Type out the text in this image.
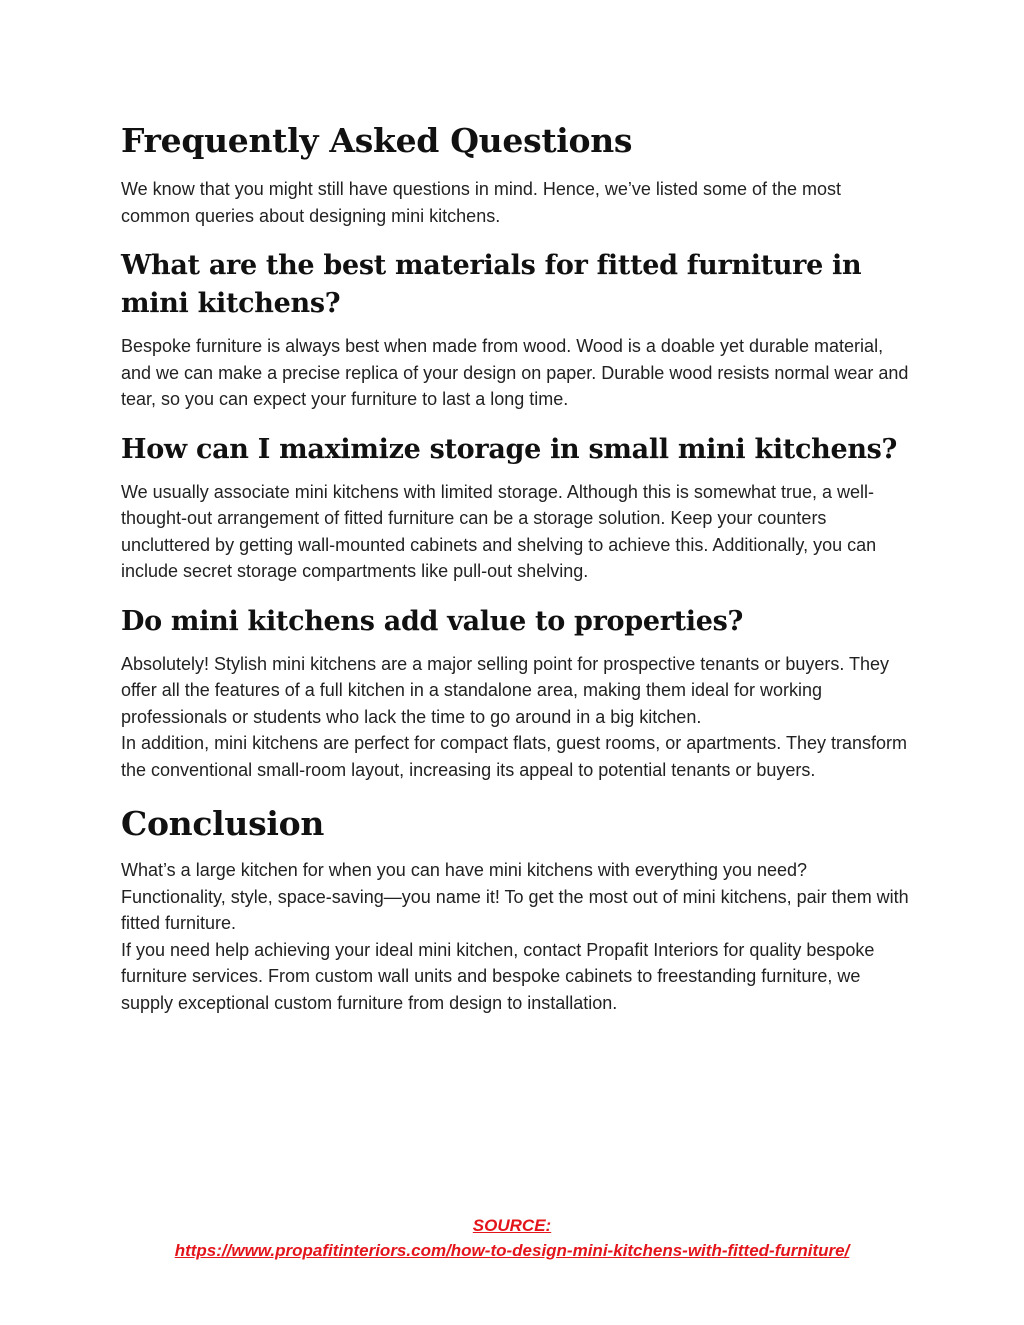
Frequently Asked Questions

We know that you might still have questions in mind. Hence, we’ve listed some of the most common queries about designing mini kitchens.

What are the best materials for fitted furniture in mini kitchens?

Bespoke furniture is always best when made from wood. Wood is a doable yet durable material, and we can make a precise replica of your design on paper. Durable wood resists normal wear and tear, so you can expect your furniture to last a long time.

How can I maximize storage in small mini kitchens?

We usually associate mini kitchens with limited storage. Although this is somewhat true, a well-thought-out arrangement of fitted furniture can be a storage solution. Keep your counters uncluttered by getting wall-mounted cabinets and shelving to achieve this. Additionally, you can include secret storage compartments like pull-out shelving.

Do mini kitchens add value to properties?

Absolutely! Stylish mini kitchens are a major selling point for prospective tenants or buyers. They offer all the features of a full kitchen in a standalone area, making them ideal for working professionals or students who lack the time to go around in a big kitchen.

In addition, mini kitchens are perfect for compact flats, guest rooms, or apartments. They transform the conventional small-room layout, increasing its appeal to potential tenants or buyers.

Conclusion

What’s a large kitchen for when you can have mini kitchens with everything you need? Functionality, style, space-saving—you name it! To get the most out of mini kitchens, pair them with fitted furniture.

If you need help achieving your ideal mini kitchen, contact Propafit Interiors for quality bespoke furniture services. From custom wall units and bespoke cabinets to freestanding furniture, we supply exceptional custom furniture from design to installation.

SOURCE:
https://www.propafitinteriors.com/how-to-design-mini-kitchens-with-fitted-furniture/
